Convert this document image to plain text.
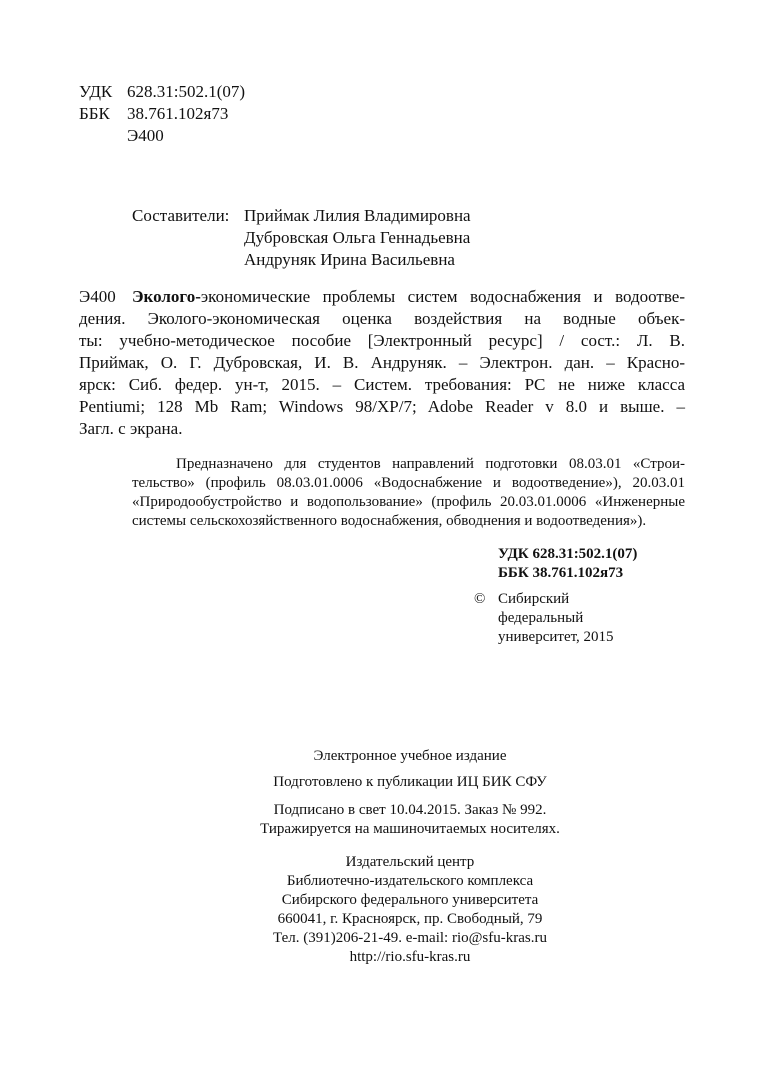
УДК 628.31:502.1(07)
ББК 38.761.102я73
Э400
Составители: Приймак Лилия Владимировна
Дубровская Ольга Геннадьевна
Андруняк Ирина Васильевна
Э400 Эколого-экономические проблемы систем водоснабжения и водоотве-
дения. Эколого-экономическая оценка воздействия на водные объек-
ты: учебно-методическое пособие [Электронный ресурс] / сост.: Л. В.
Приймак, О. Г. Дубровская, И. В. Андруняк. – Электрон. дан. – Красно-
ярск: Сиб. федер. ун-т, 2015. – Систем. требования: PC не ниже класса
Pentiumi; 128 Mb Ram; Windows 98/XP/7; Adobe Reader v 8.0 и выше. –
Загл. с экрана.
Предназначено для студентов направлений подготовки 08.03.01 «Строи-
тельство» (профиль 08.03.01.0006 «Водоснабжение и водоотведение»), 20.03.01
«Природообустройство и водопользование» (профиль 20.03.01.0006 «Инженерные
системы сельскохозяйственного водоснабжения, обводнения и водоотведения»).
УДК 628.31:502.1(07)
ББК 38.761.102я73
© Сибирский
федеральный
университет, 2015
Электронное учебное издание
Подготовлено к публикации ИЦ БИК СФУ
Подписано в свет 10.04.2015. Заказ № 992.
Тиражируется на машиночитаемых носителях.
Издательский центр
Библиотечно-издательского комплекса
Сибирского федерального университета
660041, г. Красноярск, пр. Свободный, 79
Тел. (391)206-21-49. e-mail: rio@sfu-kras.ru
http://rio.sfu-kras.ru
